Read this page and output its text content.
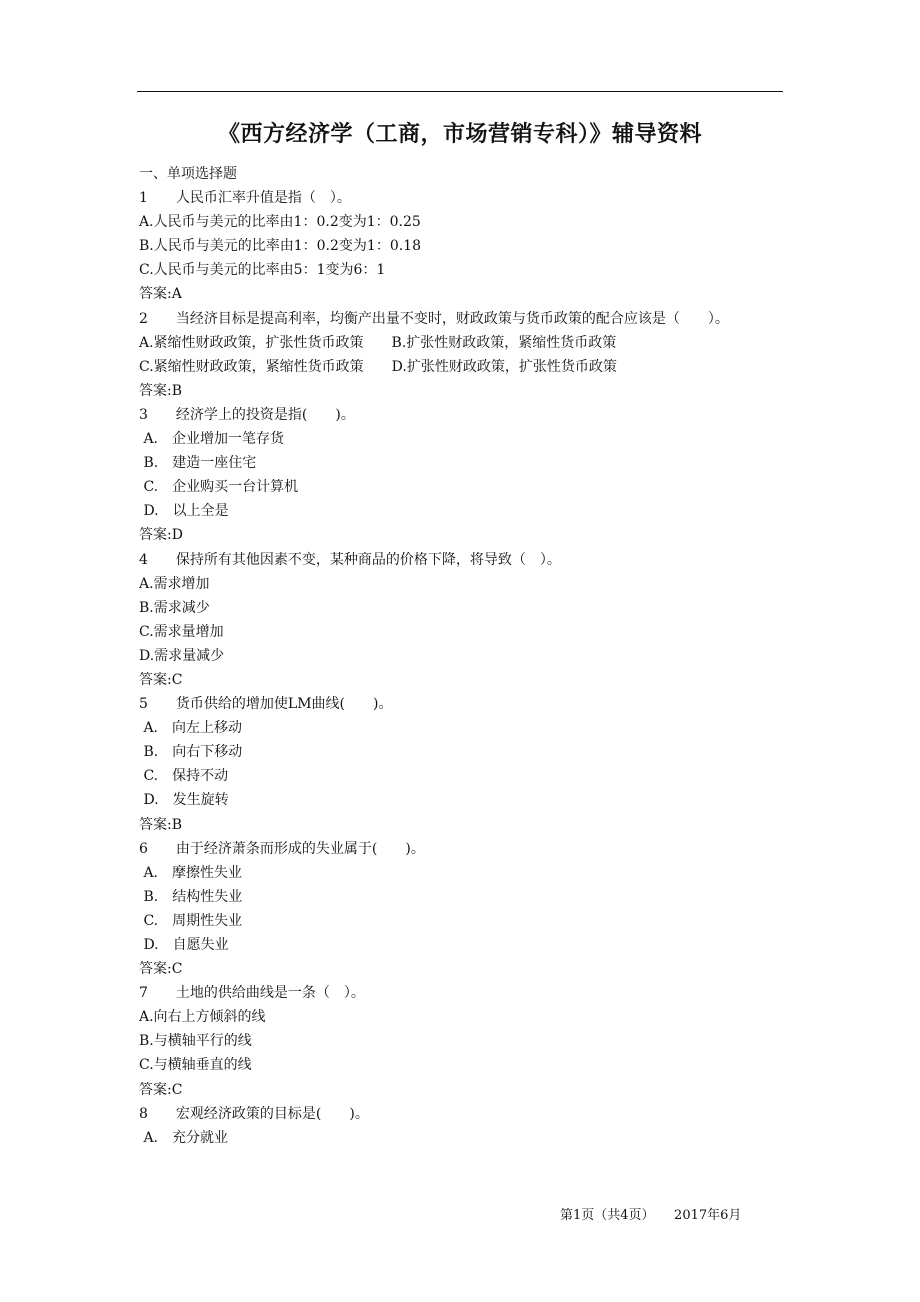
《西方经济学（工商，市场营销专科）》辅导资料
一、单项选择题
1　　人民币汇率升值是指（　）。
A.人民币与美元的比率由1：0.2变为1：0.25
B.人民币与美元的比率由1：0.2变为1：0.18
C.人民币与美元的比率由5：1变为6：1
答案:A
2　　当经济目标是提高利率，均衡产出量不变时，财政政策与货币政策的配合应该是（　　）。
A.紧缩性财政政策，扩张性货币政策　　B.扩张性财政政策，紧缩性货币政策
C.紧缩性财政政策，紧缩性货币政策　　D.扩张性财政政策，扩张性货币政策
答案:B
3　　经济学上的投资是指(　　)。
A.　企业增加一笔存货
B.　建造一座住宅
C.　企业购买一台计算机
D.　以上全是
答案:D
4　　保持所有其他因素不变，某种商品的价格下降，将导致（　）。
A.需求增加
B.需求减少
C.需求量增加
D.需求量减少
答案:C
5　　货币供给的增加使LM曲线(　　)。
A.　向左上移动
B.　向右下移动
C.　保持不动
D.　发生旋转
答案:B
6　　由于经济萧条而形成的失业属于(　　)。
A.　摩擦性失业
B.　结构性失业
C.　周期性失业
D.　自愿失业
答案:C
7　　土地的供给曲线是一条（　）。
A.向右上方倾斜的线
B.与横轴平行的线
C.与横轴垂直的线
答案:C
8　　宏观经济政策的目标是(　　)。
A.　充分就业
第1页（共4页）　　2017年6月
